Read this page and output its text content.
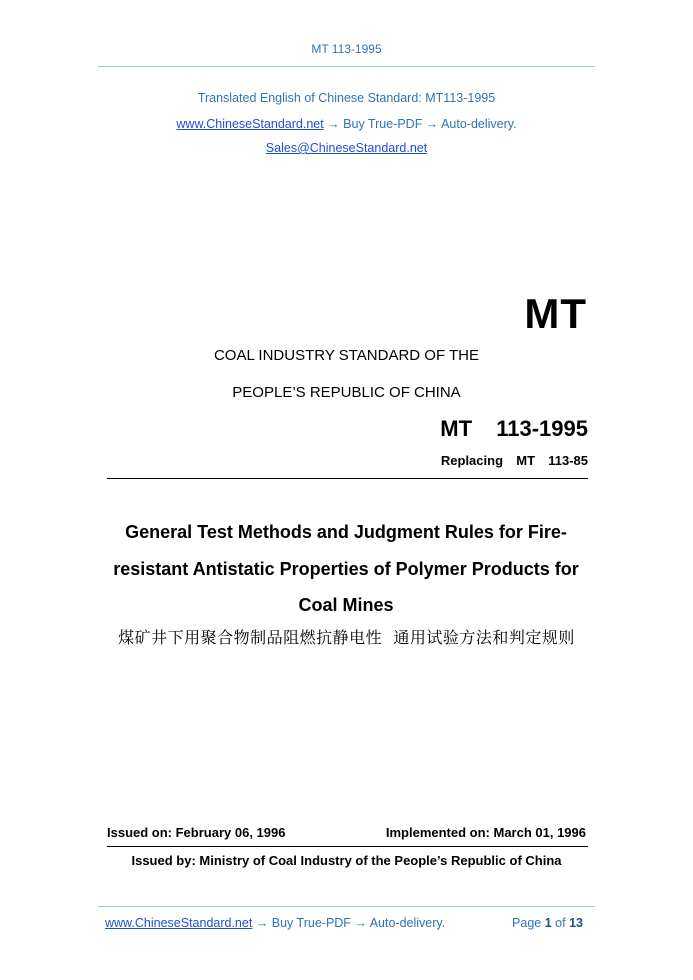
MT 113-1995
Translated English of Chinese Standard: MT113-1995
www.ChineseStandard.net → Buy True-PDF → Auto-delivery.
Sales@ChineseStandard.net
MT
COAL INDUSTRY STANDARD OF THE
PEOPLE’S REPUBLIC OF CHINA
MT  113-1995
Replacing  MT  113-85
General Test Methods and Judgment Rules for Fire-resistant Antistatic Properties of Polymer Products for Coal Mines
煤矿井下用聚合物制品阻燃抗静电性  通用试验方法和判定规则
Issued on: February 06, 1996	Implemented on: March 01, 1996
Issued by: Ministry of Coal Industry of the People’s Republic of China
www.ChineseStandard.net → Buy True-PDF → Auto-delivery.	Page 1 of 13
